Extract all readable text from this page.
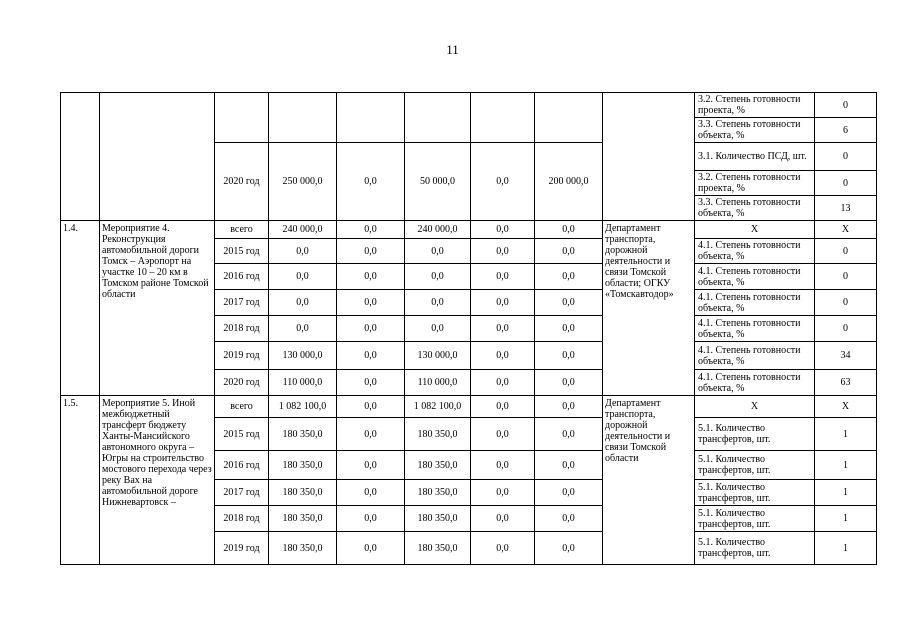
11
									3.2. Степень готовности проекта, %	0
									3.3. Степень готовности объекта, %	6
		2020 год	250 000,0	0,0	50 000,0	0,0	200 000,0		3.1. Количество ПСД, шт.	0
									3.2. Степень готовности проекта, %	0
									3.3. Степень готовности объекта, %	13
1.4.	Мероприятие 4. Реконструкция автомобильной дороги Томск – Аэропорт на участке 10 – 20 км в Томском районе Томской области	всего	240 000,0	0,0	240 000,0	0,0	0,0	Департамент транспорта, дорожной деятельности и связи Томской области; ОГКУ «Томскавтодор»	Х	Х
		2015 год	0,0	0,0	0,0	0,0	0,0		4.1. Степень готовности объекта, %	0
		2016 год	0,0	0,0	0,0	0,0	0,0		4.1. Степень готовности объекта, %	0
		2017 год	0,0	0,0	0,0	0,0	0,0		4.1. Степень готовности объекта, %	0
		2018 год	0,0	0,0	0,0	0,0	0,0		4.1. Степень готовности объекта, %	0
		2019 год	130 000,0	0,0	130 000,0	0,0	0,0		4.1. Степень готовности объекта, %	34
		2020 год	110 000,0	0,0	110 000,0	0,0	0,0		4.1. Степень готовности объекта, %	63
1.5.	Мероприятие 5. Иной межбюджетный трансферт бюджету Ханты-Мансийского автономного округа – Югры на строительство мостового перехода через реку Вах на автомобильной дороге Нижневартовск –	всего	1 082 100,0	0,0	1 082 100,0	0,0	0,0	Департамент транспорта, дорожной деятельности и связи Томской области	Х	Х
		2015 год	180 350,0	0,0	180 350,0	0,0	0,0		5.1. Количество трансфертов, шт.	1
		2016 год	180 350,0	0,0	180 350,0	0,0	0,0		5.1. Количество трансфертов, шт.	1
		2017 год	180 350,0	0,0	180 350,0	0,0	0,0		5.1. Количество трансфертов, шт.	1
		2018 год	180 350,0	0,0	180 350,0	0,0	0,0		5.1. Количество трансфертов, шт.	1
		2019 год	180 350,0	0,0	180 350,0	0,0	0,0		5.1. Количество трансфертов, шт.	1
